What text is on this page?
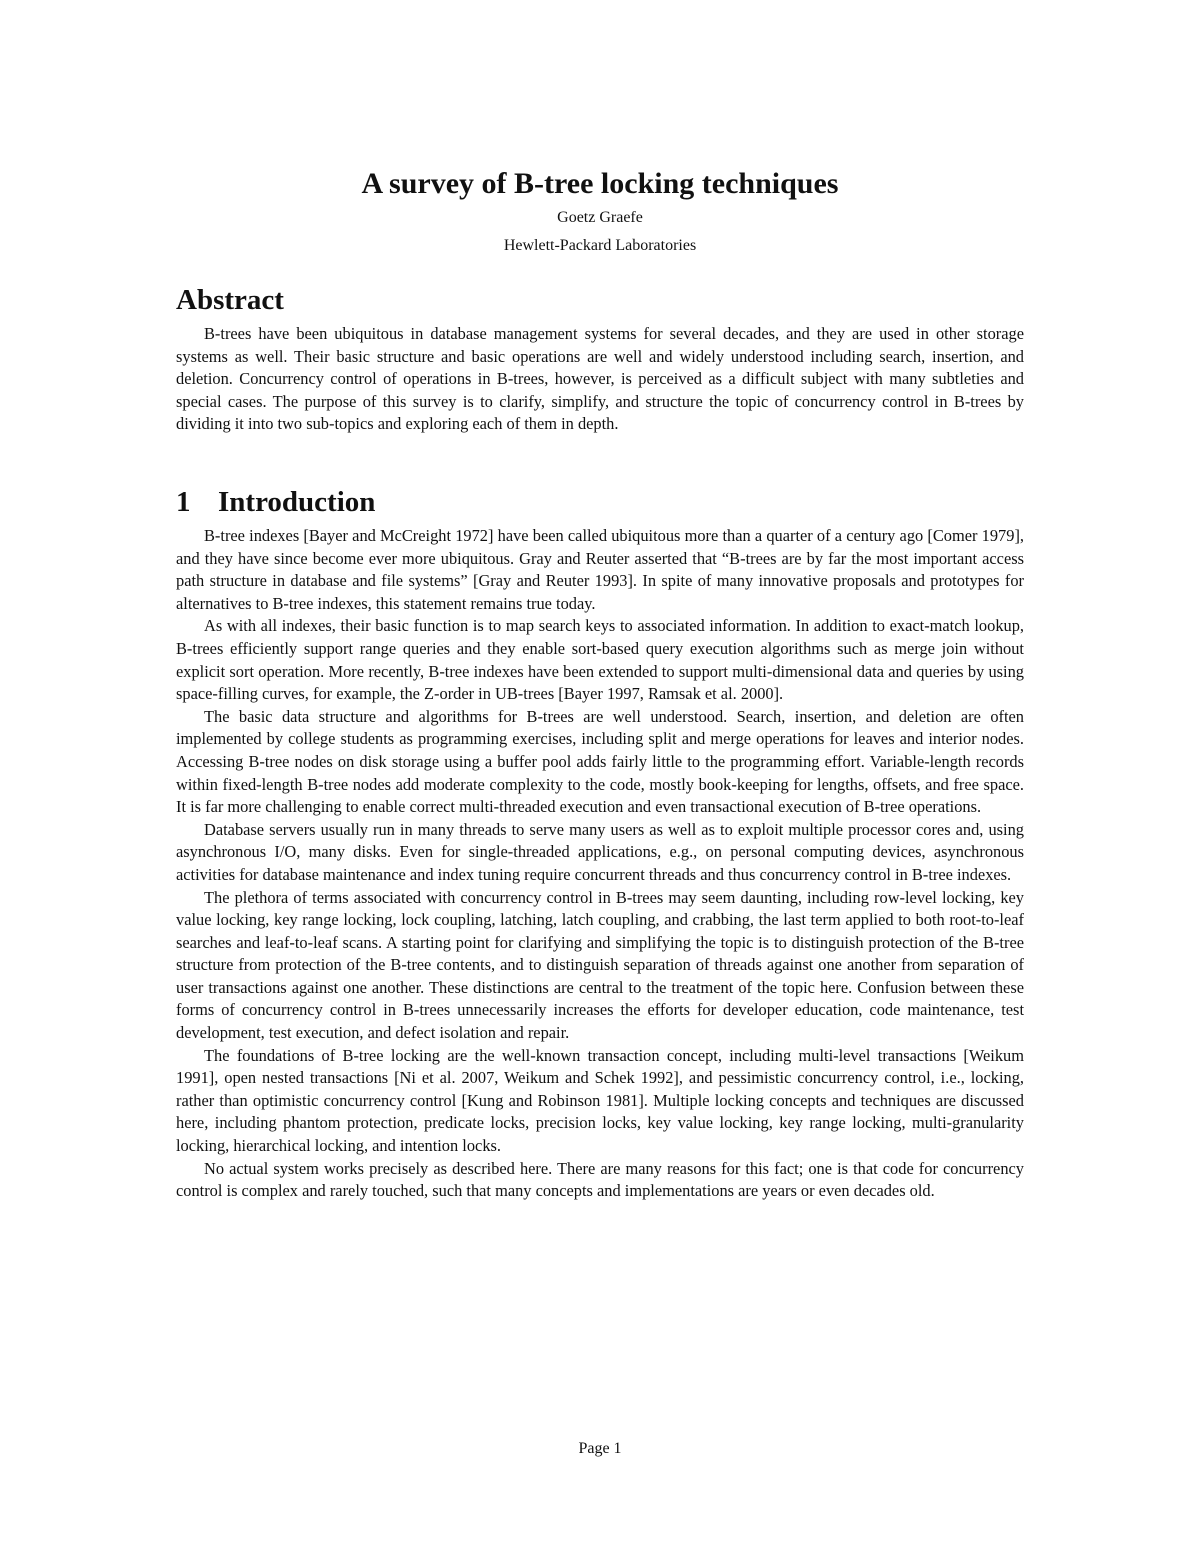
A survey of B-tree locking techniques
Goetz Graefe
Hewlett-Packard Laboratories
Abstract

B-trees have been ubiquitous in database management systems for several decades, and they are used in other storage systems as well. Their basic structure and basic operations are well and widely understood including search, insertion, and deletion. Concurrency control of operations in B-trees, however, is perceived as a difficult subject with many subtleties and special cases. The purpose of this survey is to clarify, simplify, and structure the topic of concurrency control in B-trees by dividing it into two sub-topics and exploring each of them in depth.

1 Introduction

B-tree indexes [Bayer and McCreight 1972] have been called ubiquitous more than a quarter of a century ago [Comer 1979], and they have since become ever more ubiquitous. Gray and Reuter asserted that “B-trees are by far the most important access path structure in database and file systems” [Gray and Reuter 1993]. In spite of many innovative proposals and prototypes for alternatives to B-tree indexes, this statement remains true today.

As with all indexes, their basic function is to map search keys to associated information. In addition to exact-match lookup, B-trees efficiently support range queries and they enable sort-based query execution algorithms such as merge join without explicit sort operation. More recently, B-tree indexes have been extended to support multi-dimensional data and queries by using space-filling curves, for example, the Z-order in UB-trees [Bayer 1997, Ramsak et al. 2000].

The basic data structure and algorithms for B-trees are well understood. Search, insertion, and deletion are often implemented by college students as programming exercises, including split and merge operations for leaves and interior nodes. Accessing B-tree nodes on disk storage using a buffer pool adds fairly little to the programming effort. Variable-length records within fixed-length B-tree nodes add moderate complexity to the code, mostly book-keeping for lengths, offsets, and free space. It is far more challenging to enable correct multi-threaded execution and even transactional execution of B-tree operations.

Database servers usually run in many threads to serve many users as well as to exploit multiple processor cores and, using asynchronous I/O, many disks. Even for single-threaded applications, e.g., on personal computing devices, asynchronous activities for database maintenance and index tuning require concurrent threads and thus concurrency control in B-tree indexes.

The plethora of terms associated with concurrency control in B-trees may seem daunting, including row-level locking, key value locking, key range locking, lock coupling, latching, latch coupling, and crabbing, the last term applied to both root-to-leaf searches and leaf-to-leaf scans. A starting point for clarifying and simplifying the topic is to distinguish protection of the B-tree structure from protection of the B-tree contents, and to distinguish separation of threads against one another from separation of user transactions against one another. These distinctions are central to the treatment of the topic here. Confusion between these forms of concurrency control in B-trees unnecessarily increases the efforts for developer education, code maintenance, test development, test execution, and defect isolation and repair.

The foundations of B-tree locking are the well-known transaction concept, including multi-level transactions [Weikum 1991], open nested transactions [Ni et al. 2007, Weikum and Schek 1992], and pessimistic concurrency control, i.e., locking, rather than optimistic concurrency control [Kung and Robinson 1981]. Multiple locking concepts and techniques are discussed here, including phantom protection, predicate locks, precision locks, key value locking, key range locking, multi-granularity locking, hierarchical locking, and intention locks.

No actual system works precisely as described here. There are many reasons for this fact; one is that code for concurrency control is complex and rarely touched, such that many concepts and implementations are years or even decades old.

Page 1
